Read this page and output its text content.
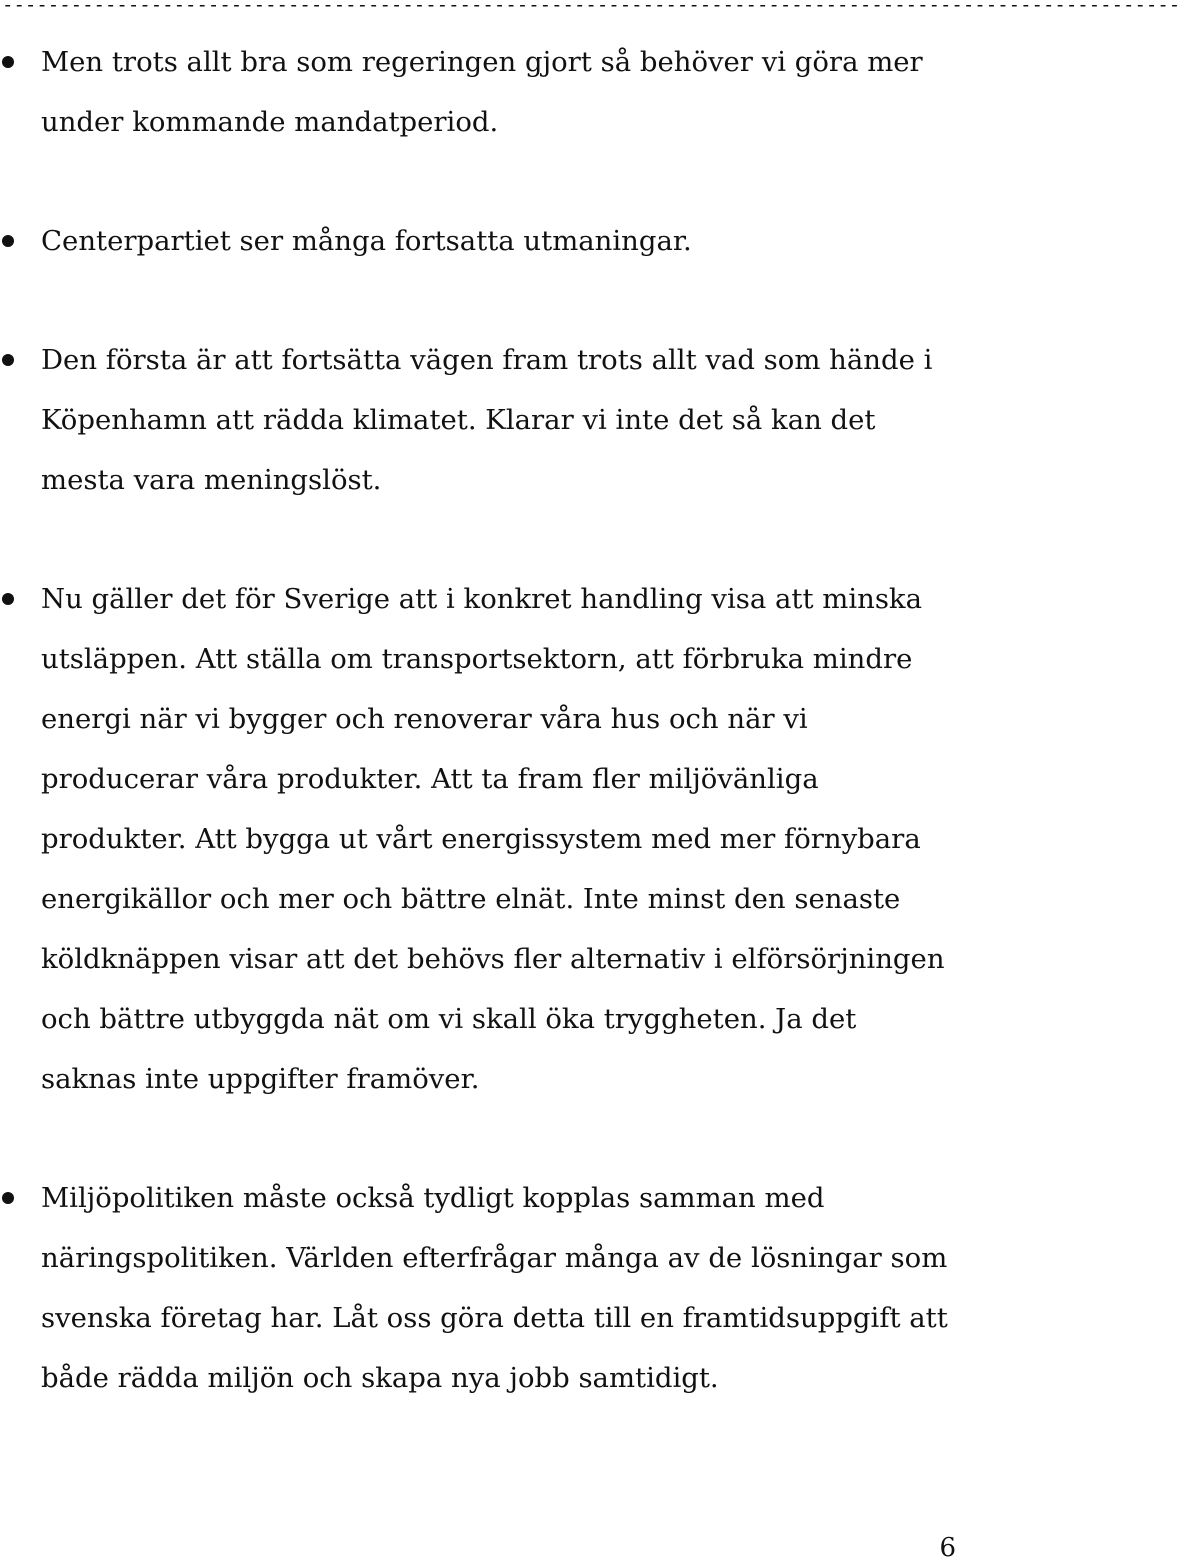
-------------------------------------------------------------------------------------------------------
Men trots allt bra som regeringen gjort så behöver vi göra mer under kommande mandatperiod.
Centerpartiet ser många fortsatta utmaningar.
Den första är att fortsätta vägen fram trots allt vad som hände i Köpenhamn att rädda klimatet. Klarar vi inte det så kan det mesta vara meningslöst.
Nu gäller det för Sverige att i konkret handling visa att minska utsläppen. Att ställa om transportsektorn, att förbruka mindre energi när vi bygger och renoverar våra hus och när vi producerar våra produkter. Att ta fram fler miljövänliga produkter. Att bygga ut vårt energissystem med mer förnybara energikällor och mer och bättre elnät. Inte minst den senaste köldknäppen visar att det behövs fler alternativ i elförsörjningen och bättre utbyggda nät om vi skall öka tryggheten. Ja det saknas inte uppgifter framöver.
Miljöpolitiken måste också tydligt kopplas samman med näringspolitiken. Världen efterfrågar många av de lösningar som svenska företag har. Låt oss göra detta till en framtidsuppgift att både rädda miljön och skapa nya jobb samtidigt.
6
